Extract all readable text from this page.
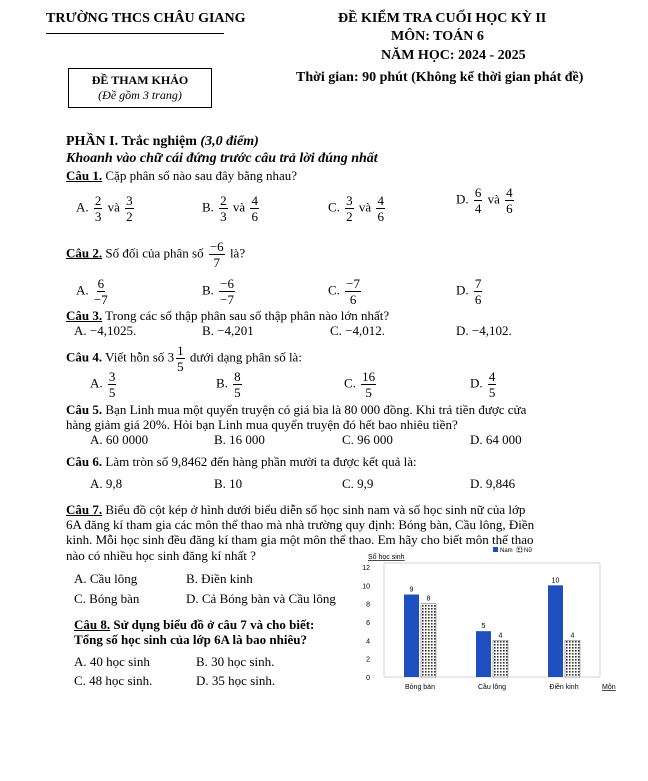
TRƯỜNG THCS CHÂU GIANG	ĐỀ KIỂM TRA CUỐI HỌC KỲ II
MÔN: TOÁN 6
NĂM HỌC: 2024 - 2025
ĐỀ THAM KHẢO
(Đề gồm 3 trang)
Thời gian: 90 phút (Không kể thời gian phát đề)
PHẦN I. Trắc nghiệm (3,0 điểm)
Khoanh vào chữ cái đứng trước câu trả lời đúng nhất
Câu 1. Cặp phân số nào sau đây bằng nhau?
A. $\frac{2}{3}$ và $\frac{3}{2}$	B. $\frac{2}{3}$ và $\frac{4}{6}$	C. $\frac{3}{2}$ và $\frac{4}{6}$	D. $\frac{6}{4}$ và $\frac{4}{6}$
Câu 2. Số đối của phân số $\frac{-6}{7}$ là?
A. $\frac{6}{-7}$	B. $\frac{-6}{-7}$	C. $\frac{-7}{6}$	D. $\frac{7}{6}$
Câu 3. Trong các số thập phân sau số thập phân nào lớn nhất?
A. −4,1025.	B. −4,201	C. −4,012.	D. −4,102.
Câu 4. Viết hỗn số $3 \frac{1}{5}$ dưới dạng phân số là:
A. $\frac{3}{5}$	B. $\frac{8}{5}$	C. $\frac{16}{5}$	D. $\frac{4}{5}$
Câu 5. Bạn Linh mua một quyển truyện có giá bìa là 80 000 đồng. Khi trả tiền được cửa
hàng giảm giá 20%. Hỏi bạn Linh mua quyển truyện đó hết bao nhiêu tiền?
A. 60 0000	B. 16 000	C. 96 000	D. 64 000
Câu 6. Làm tròn số 9,8462 đến hàng phần mười ta được kết quả là:
A. 9,8	B. 10	C. 9,9	D. 9,846
Câu 7. Biểu đồ cột kép ở hình dưới biểu diễn số học sinh nam và số học sinh nữ của lớp
6A đăng kí tham gia các môn thể thao mà nhà trường quy định: Bóng bàn, Cầu lông, Điền
kinh. Mỗi học sinh đều đăng kí tham gia một môn thể thao. Em hãy cho biết môn thể thao
nào có nhiều học sinh đăng kí nhất ?
A. Cầu lông	B. Điền kinh
C. Bóng bàn	D. Cả Bóng bàn và Cầu lông
Câu 8. Sử dụng biểu đồ ở câu 7 và cho biết:
Tổng số học sinh của lớp 6A là bao nhiêu?
A. 40 học sinh	B. 30 học sinh.
C. 48 học sinh.	D. 35 học sinh.	0
2
4
6
8
10
12
Số học sinh
Nam Nữ
9
8
Bóng bàn
5
4
Cầu lông
10
4
Điền kinh	Môn
